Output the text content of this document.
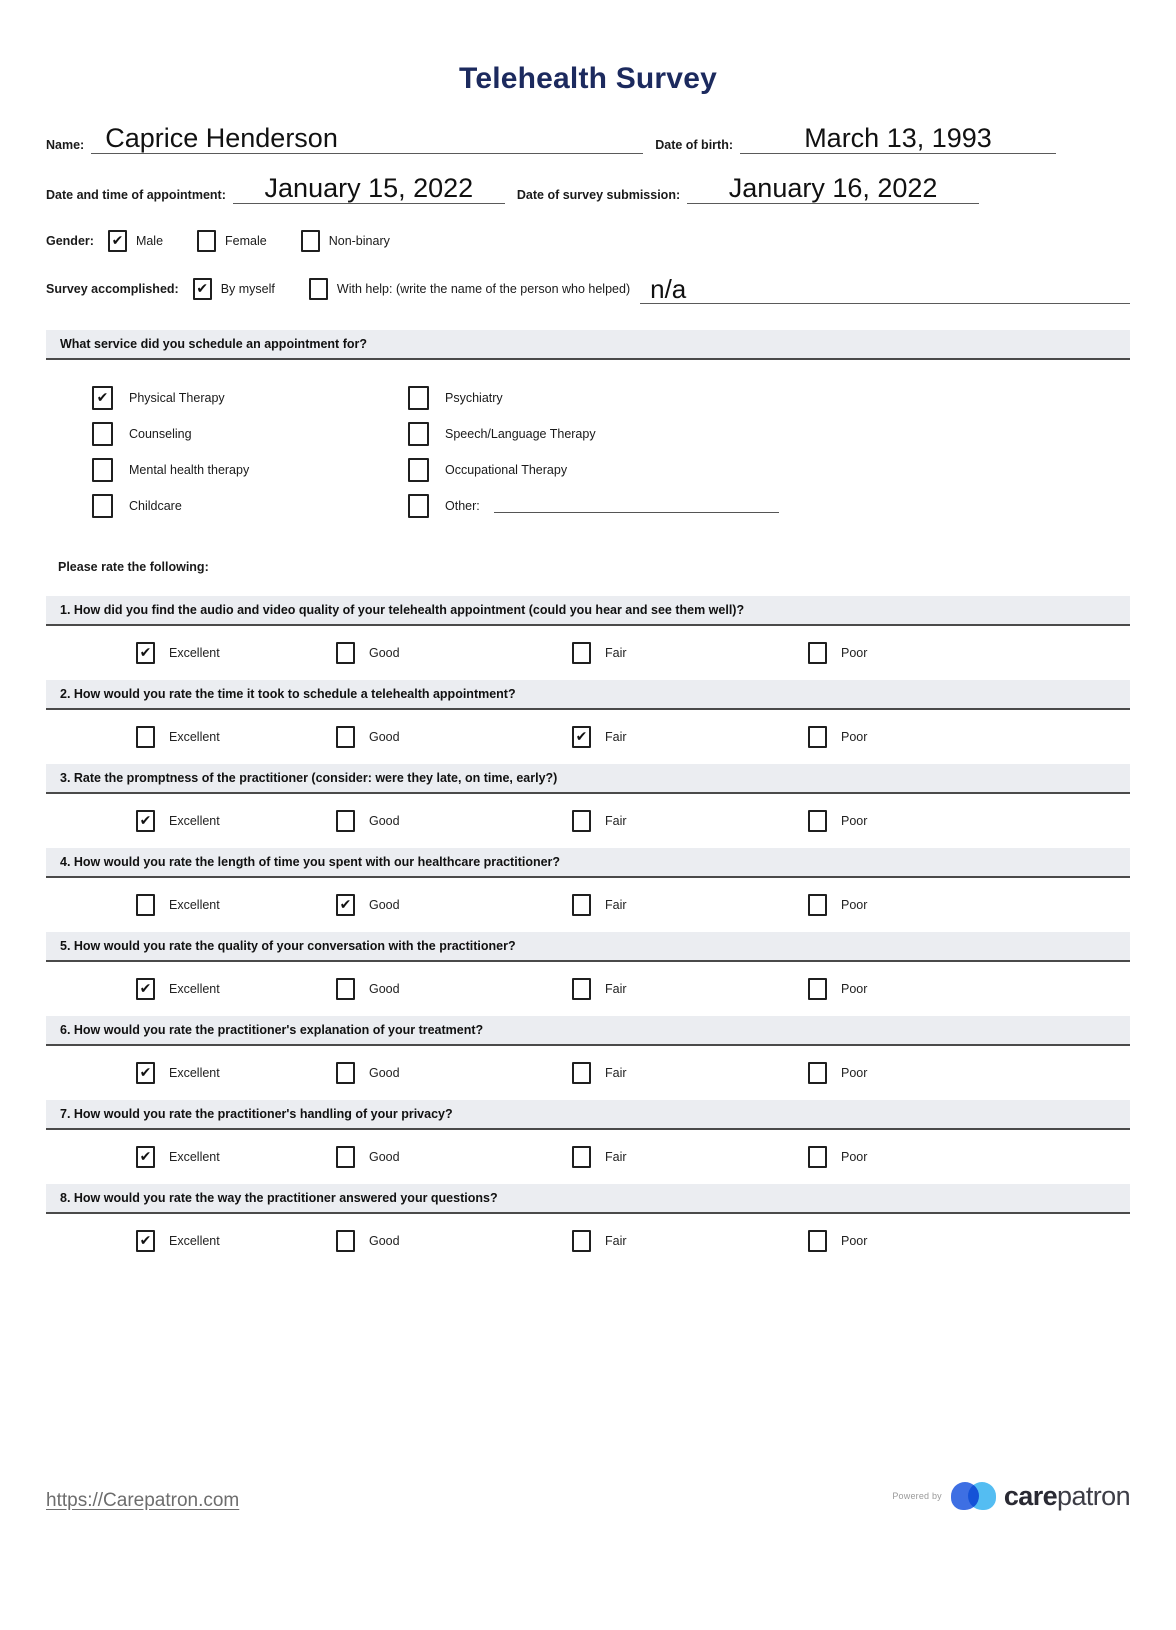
Telehealth Survey
Name: Caprice Henderson	Date of birth:	March 13, 1993
Date and time of appointment: January 15, 2022	Date of survey submission: January 16, 2022
Gender: ✔ Male	Female	Non-binary
Survey accomplished: ✔ By myself	With help: (write the name of the person who helped) n/a
What service did you schedule an appointment for?
✔ Physical Therapy
Counseling
Mental health therapy
Childcare
Psychiatry
Speech/Language Therapy
Occupational Therapy
Other:
Please rate the following:
1. How did you find the audio and video quality of your telehealth appointment (could you hear and see them well)?
✔ Excellent	Good	Fair	Poor
2. How would you rate the time it took to schedule a telehealth appointment?
Excellent	Good	✔ Fair	Poor
3. Rate the promptness of the practitioner (consider: were they late, on time, early?)
✔ Excellent	Good	Fair	Poor
4. How would you rate the length of time you spent with our healthcare practitioner?
Excellent	✔ Good	Fair	Poor
5. How would you rate the quality of your conversation with the practitioner?
✔ Excellent	Good	Fair	Poor
6. How would you rate the practitioner's explanation of your treatment?
✔ Excellent	Good	Fair	Poor
7. How would you rate the practitioner's handling of your privacy?
✔ Excellent	Good	Fair	Poor
8. How would you rate the way the practitioner answered your questions?
✔ Excellent	Good	Fair	Poor
https://Carepatron.com	Powered by carepatron
